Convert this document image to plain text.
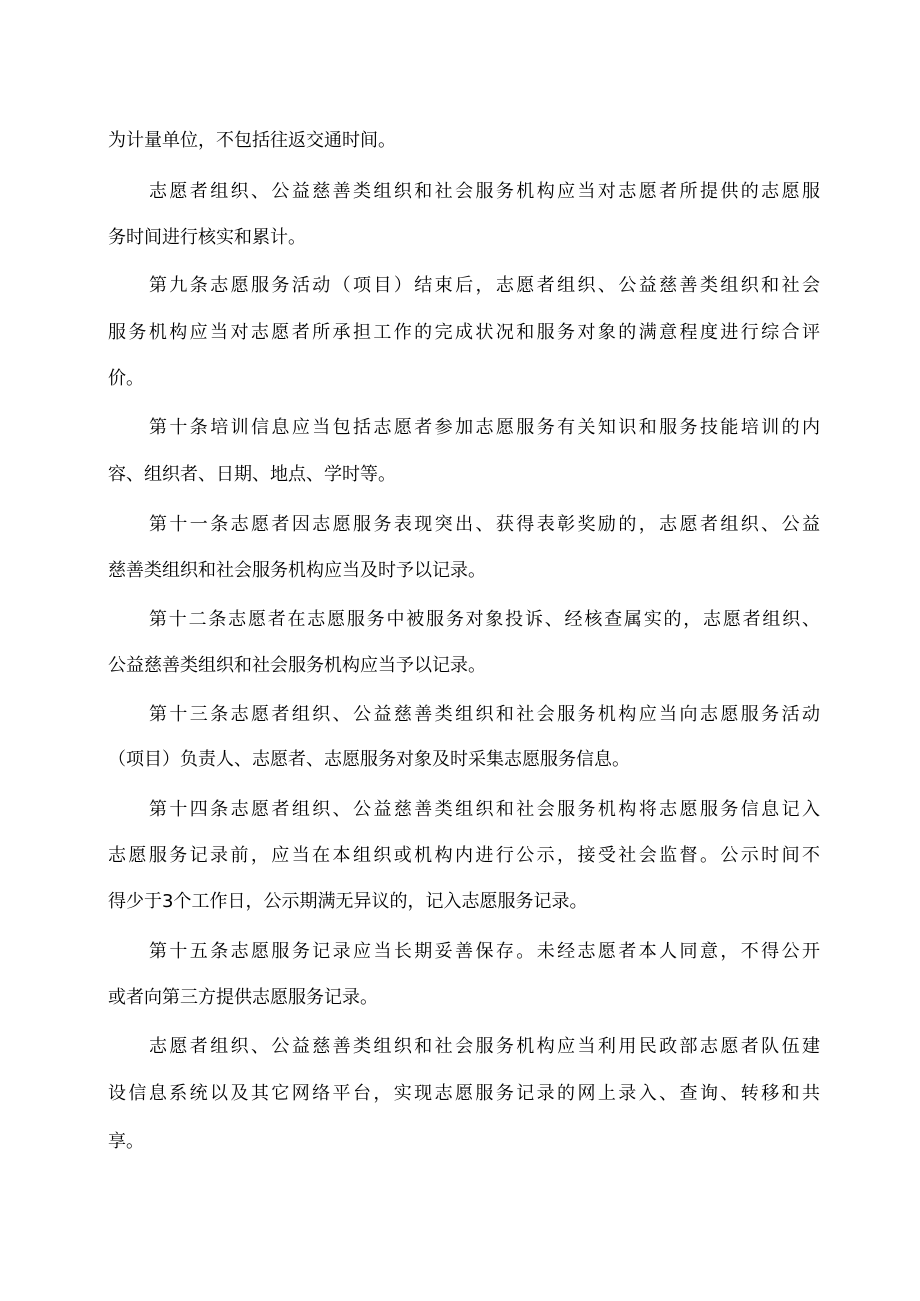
为计量单位，不包括往返交通时间。
志愿者组织、公益慈善类组织和社会服务机构应当对志愿者所提供的志愿服
务时间进行核实和累计。
第九条志愿服务活动（项目）结束后，志愿者组织、公益慈善类组织和社会
服务机构应当对志愿者所承担工作的完成状况和服务对象的满意程度进行综合评
价。
第十条培训信息应当包括志愿者参加志愿服务有关知识和服务技能培训的内
容、组织者、日期、地点、学时等。
第十一条志愿者因志愿服务表现突出、获得表彰奖励的，志愿者组织、公益
慈善类组织和社会服务机构应当及时予以记录。
第十二条志愿者在志愿服务中被服务对象投诉、经核查属实的，志愿者组织、
公益慈善类组织和社会服务机构应当予以记录。
第十三条志愿者组织、公益慈善类组织和社会服务机构应当向志愿服务活动
（项目）负责人、志愿者、志愿服务对象及时采集志愿服务信息。
第十四条志愿者组织、公益慈善类组织和社会服务机构将志愿服务信息记入
志愿服务记录前，应当在本组织或机构内进行公示，接受社会监督。公示时间不
得少于3个工作日，公示期满无异议的，记入志愿服务记录。
第十五条志愿服务记录应当长期妥善保存。未经志愿者本人同意，不得公开
或者向第三方提供志愿服务记录。
志愿者组织、公益慈善类组织和社会服务机构应当利用民政部志愿者队伍建
设信息系统以及其它网络平台，实现志愿服务记录的网上录入、查询、转移和共
享。
